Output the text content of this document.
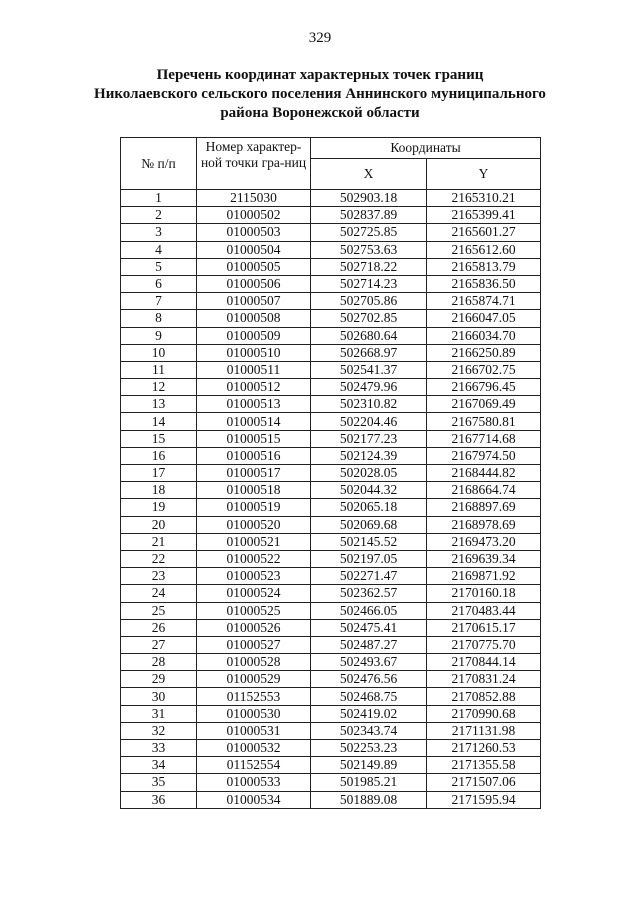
329
Перечень координат характерных точек границ
Николаевского сельского поселения Аннинского муниципального
района Воронежской области
№ п/п	Номер характер-ной точки гра-ниц	Координаты	
		X	Y
1	2115030	502903.18	2165310.21
2	01000502	502837.89	2165399.41
3	01000503	502725.85	2165601.27
4	01000504	502753.63	2165612.60
5	01000505	502718.22	2165813.79
6	01000506	502714.23	2165836.50
7	01000507	502705.86	2165874.71
8	01000508	502702.85	2166047.05
9	01000509	502680.64	2166034.70
10	01000510	502668.97	2166250.89
11	01000511	502541.37	2166702.75
12	01000512	502479.96	2166796.45
13	01000513	502310.82	2167069.49
14	01000514	502204.46	2167580.81
15	01000515	502177.23	2167714.68
16	01000516	502124.39	2167974.50
17	01000517	502028.05	2168444.82
18	01000518	502044.32	2168664.74
19	01000519	502065.18	2168897.69
20	01000520	502069.68	2168978.69
21	01000521	502145.52	2169473.20
22	01000522	502197.05	2169639.34
23	01000523	502271.47	2169871.92
24	01000524	502362.57	2170160.18
25	01000525	502466.05	2170483.44
26	01000526	502475.41	2170615.17
27	01000527	502487.27	2170775.70
28	01000528	502493.67	2170844.14
29	01000529	502476.56	2170831.24
30	01152553	502468.75	2170852.88
31	01000530	502419.02	2170990.68
32	01000531	502343.74	2171131.98
33	01000532	502253.23	2171260.53
34	01152554	502149.89	2171355.58
35	01000533	501985.21	2171507.06
36	01000534	501889.08	2171595.94
